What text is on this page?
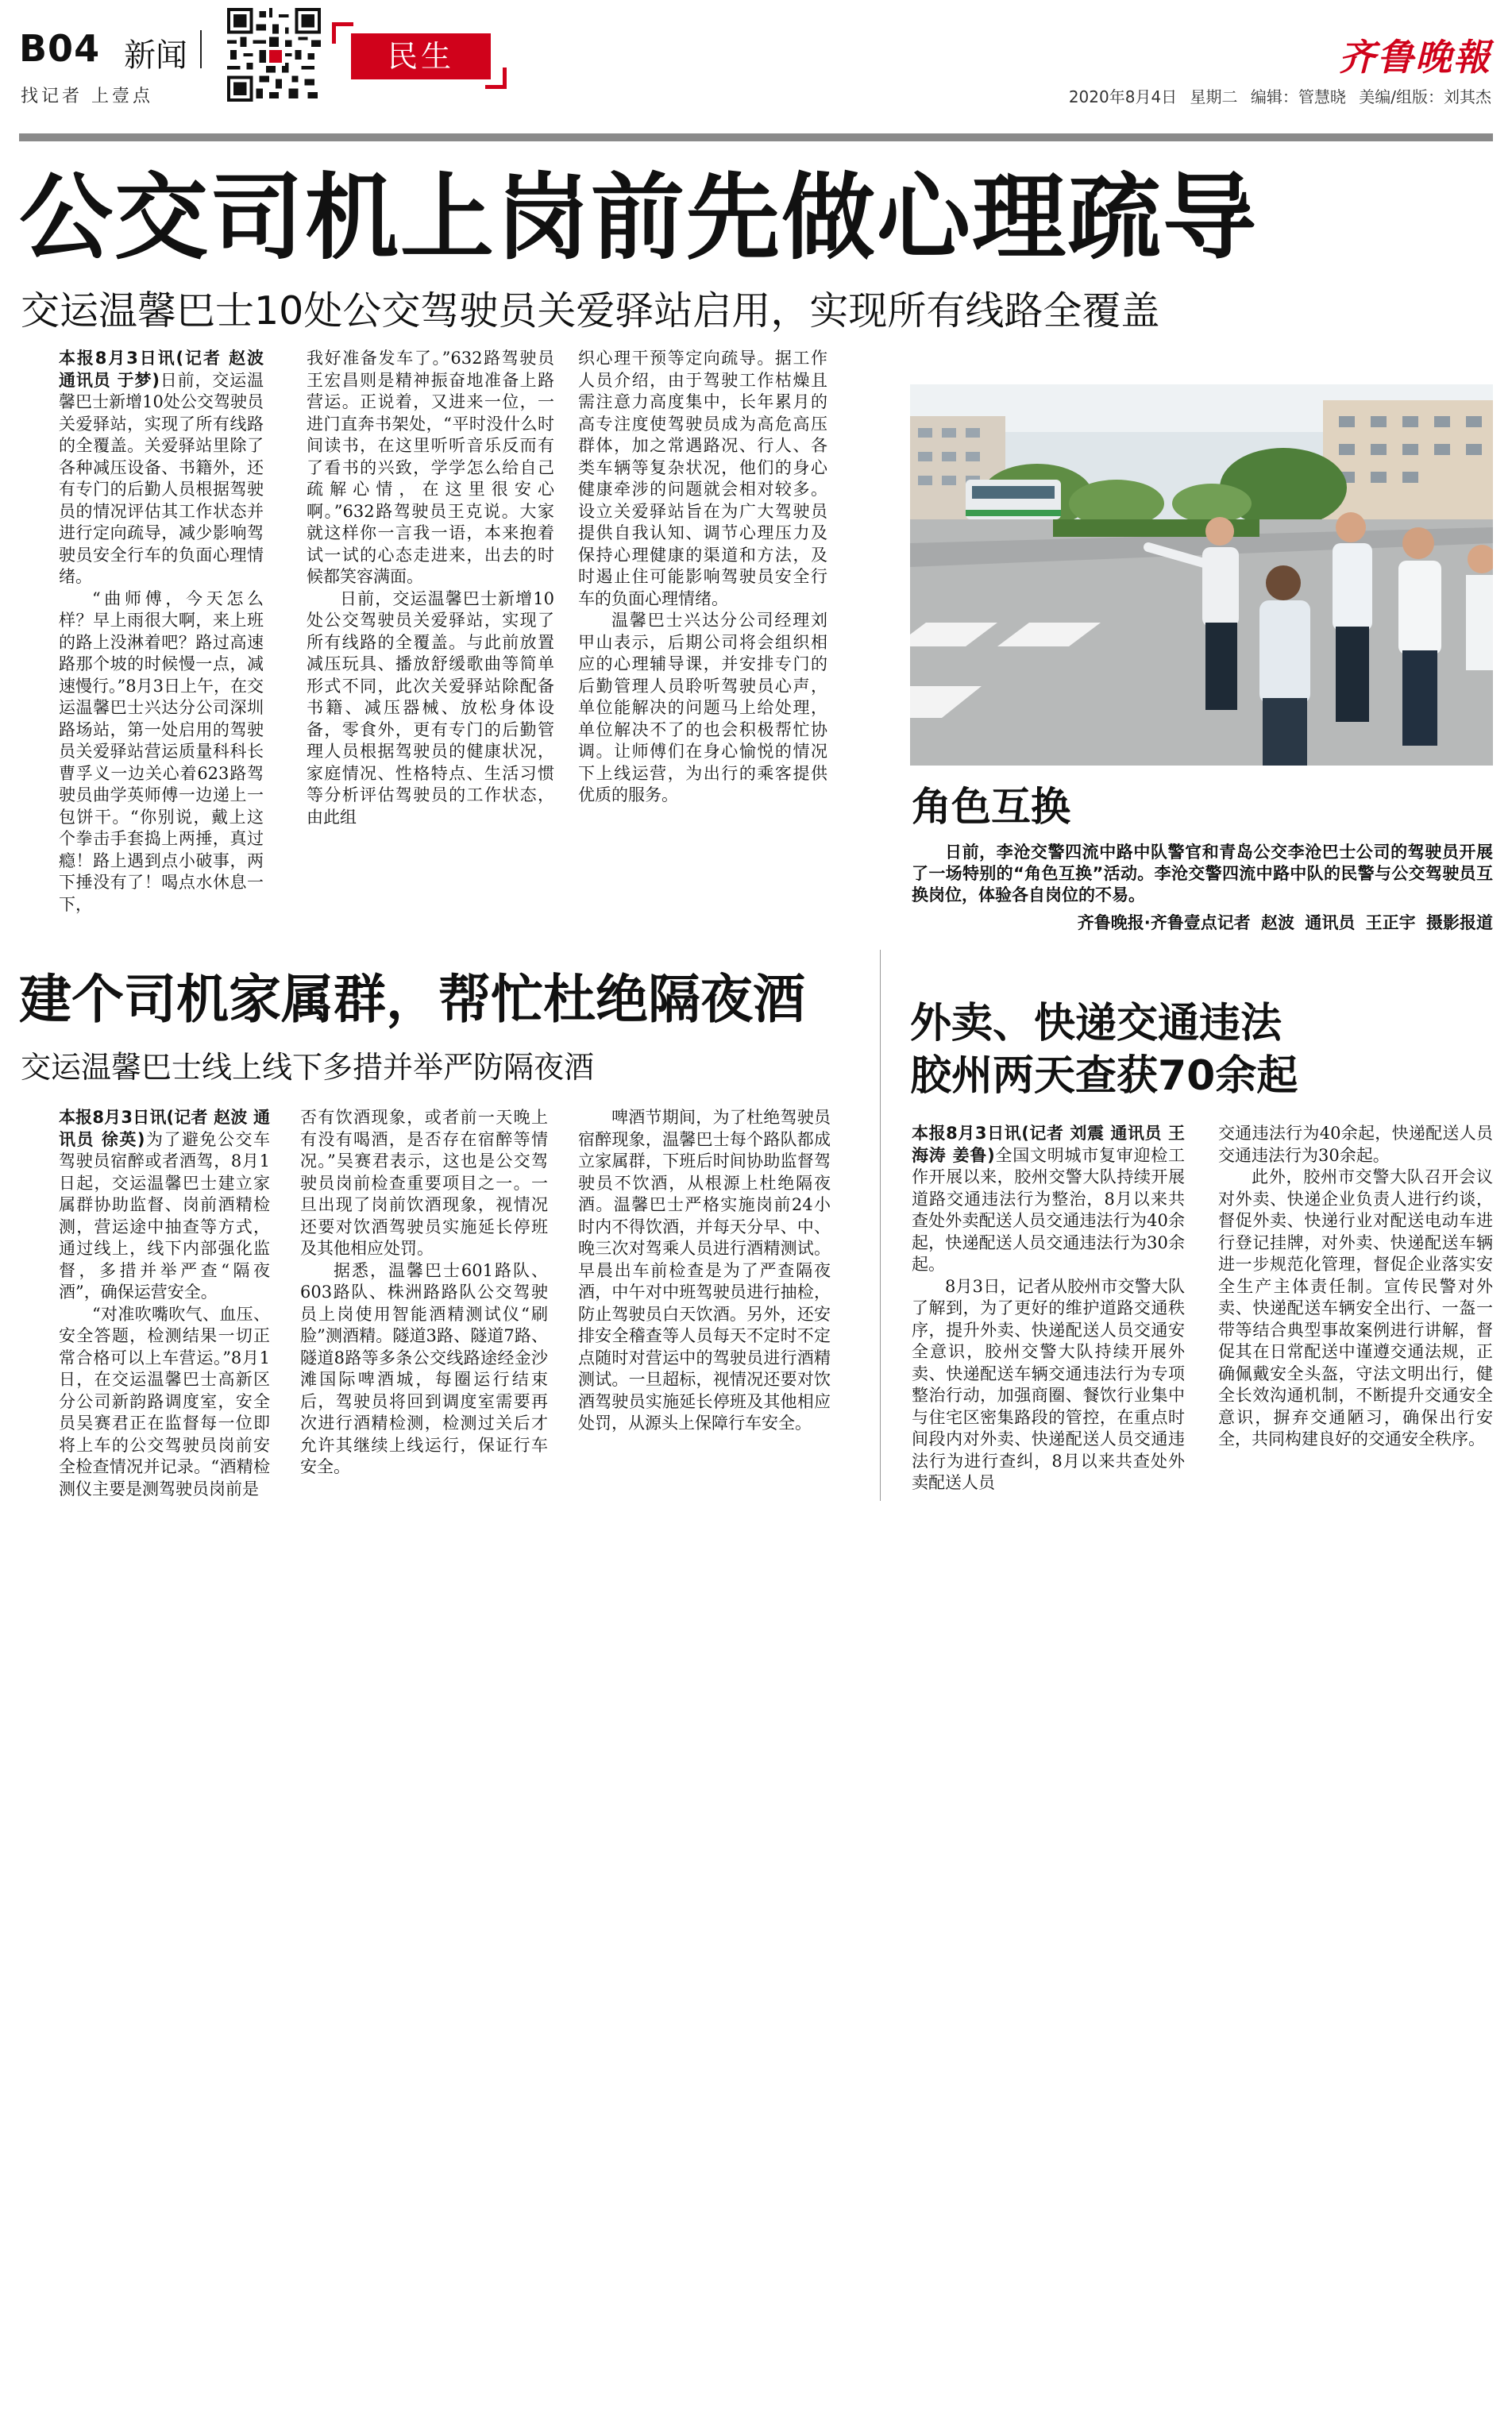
B04 新闻
找记者 上壹点
民生	齐鲁晚報
2020年8月4日 星期二 编辑：管慧晓 美编/组版：刘其杰
公交司机上岗前先做心理疏导
交运温馨巴士10处公交驾驶员关爱驿站启用，实现所有线路全覆盖

本报8月3日讯(记者 赵波 通讯员 于梦)日前，交运温馨巴士新增10处公交驾驶员关爱驿站，实现了所有线路的全覆盖。关爱驿站里除了各种减压设备、书籍外，还有专门的后勤人员根据驾驶员的情况评估其工作状态并进行定向疏导，减少影响驾驶员安全行车的负面心理情绪。

“曲师傅，今天怎么样？早上雨很大啊，来上班的路上没淋着吧？路过高速路那个坡的时候慢一点，减速慢行。”8月3日上午，在交运温馨巴士兴达分公司深圳路场站，第一处启用的驾驶员关爱驿站营运质量科科长曹孚义一边关心着623路驾驶员曲学英师傅一边递上一包饼干。“你别说，戴上这个拳击手套捣上两捶，真过瘾！路上遇到点小破事，两下捶没有了！喝点水休息一下，

我好准备发车了。”632路驾驶员王宏昌则是精神振奋地准备上路营运。正说着，又进来一位，一进门直奔书架处，“平时没什么时间读书，在这里听听音乐反而有了看书的兴致，学学怎么给自己疏解心情，在这里很安心啊。”632路驾驶员王克说。大家就这样你一言我一语，本来抱着试一试的心态走进来，出去的时候都笑容满面。

日前，交运温馨巴士新增10处公交驾驶员关爱驿站，实现了所有线路的全覆盖。与此前放置减压玩具、播放舒缓歌曲等简单形式不同，此次关爱驿站除配备书籍、减压器械、放松身体设备，零食外，更有专门的后勤管理人员根据驾驶员的健康状况，家庭情况、性格特点、生活习惯等分析评估驾驶员的工作状态，由此组

织心理干预等定向疏导。据工作人员介绍，由于驾驶工作枯燥且需注意力高度集中，长年累月的高专注度使驾驶员成为高危高压群体，加之常遇路况、行人、各类车辆等复杂状况，他们的身心健康牵涉的问题就会相对较多。设立关爱驿站旨在为广大驾驶员提供自我认知、调节心理压力及保持心理健康的渠道和方法，及时遏止住可能影响驾驶员安全行车的负面心理情绪。

温馨巴士兴达分公司经理刘甲山表示，后期公司将会组织相应的心理辅导课，并安排专门的后勤管理人员聆听驾驶员心声，单位能解决的问题马上给处理，单位解决不了的也会积极帮忙协调。让师傅们在身心愉悦的情况下上线运营，为出行的乘客提供优质的服务。	角色互换
日前，李沧交警四流中路中队警官和青岛公交李沧巴士公司的驾驶员开展了一场特别的“角色互换”活动。李沧交警四流中路中队的民警与公交驾驶员互换岗位，体验各自岗位的不易。
齐鲁晚报·齐鲁壹点记者 赵波 通讯员 王正宇 摄影报道
建个司机家属群，帮忙杜绝隔夜酒
交运温馨巴士线上线下多措并举严防隔夜酒

本报8月3日讯(记者 赵波 通讯员 徐英)为了避免公交车驾驶员宿醉或者酒驾，8月1日起，交运温馨巴士建立家属群协助监督、岗前酒精检测，营运途中抽查等方式，通过线上，线下内部强化监督，多措并举严查“隔夜酒”，确保运营安全。

“对准吹嘴吹气、血压、安全答题，检测结果一切正常合格可以上车营运。”8月1日，在交运温馨巴士高新区分公司新韵路调度室，安全员吴赛君正在监督每一位即将上车的公交驾驶员岗前安全检查情况并记录。“酒精检测仪主要是测驾驶员岗前是

否有饮酒现象，或者前一天晚上有没有喝酒，是否存在宿醉等情况。”吴赛君表示，这也是公交驾驶员岗前检查重要项目之一。一旦出现了岗前饮酒现象，视情况还要对饮酒驾驶员实施延长停班及其他相应处罚。

据悉，温馨巴士601路队、603路队、株洲路路队公交驾驶员上岗使用智能酒精测试仪“刷脸”测酒精。隧道3路、隧道7路、隧道8路等多条公交线路途经金沙滩国际啤酒城，每圈运行结束后，驾驶员将回到调度室需要再次进行酒精检测，检测过关后才允许其继续上线运行，保证行车安全。

啤酒节期间，为了杜绝驾驶员宿醉现象，温馨巴士每个路队都成立家属群，下班后时间协助监督驾驶员不饮酒，从根源上杜绝隔夜酒。温馨巴士严格实施岗前24小时内不得饮酒，并每天分早、中、晚三次对驾乘人员进行酒精测试。早晨出车前检查是为了严查隔夜酒，中午对中班驾驶员进行抽检，防止驾驶员白天饮酒。另外，还安排安全稽查等人员每天不定时不定点随时对营运中的驾驶员进行酒精测试。一旦超标，视情况还要对饮酒驾驶员实施延长停班及其他相应处罚，从源头上保障行车安全。

外卖、快递交通违法
胶州两天查获70余起

本报8月3日讯(记者 刘震 通讯员 王海涛 姜鲁)全国文明城市复审迎检工作开展以来，胶州交警大队持续开展道路交通违法行为整治，8月以来共查处外卖配送人员交通违法行为40余起，快递配送人员交通违法行为30余起。

8月3日，记者从胶州市交警大队了解到，为了更好的维护道路交通秩序，提升外卖、快递配送人员交通安全意识，胶州交警大队持续开展外卖、快递配送车辆交通违法行为专项整治行动，加强商圈、餐饮行业集中与住宅区密集路段的管控，在重点时间段内对外卖、快递配送人员交通违法行为进行查纠，8月以来共查处外卖配送人员

交通违法行为40余起，快递配送人员交通违法行为30余起。

此外，胶州市交警大队召开会议对外卖、快递企业负责人进行约谈，督促外卖、快递行业对配送电动车进行登记挂牌，对外卖、快递配送车辆进一步规范化管理，督促企业落实安全生产主体责任制。宣传民警对外卖、快递配送车辆安全出行、一盔一带等结合典型事故案例进行讲解，督促其在日常配送中谨遵交通法规，正确佩戴安全头盔，守法文明出行，健全长效沟通机制，不断提升交通安全意识，摒弃交通陋习，确保出行安全，共同构建良好的交通安全秩序。
